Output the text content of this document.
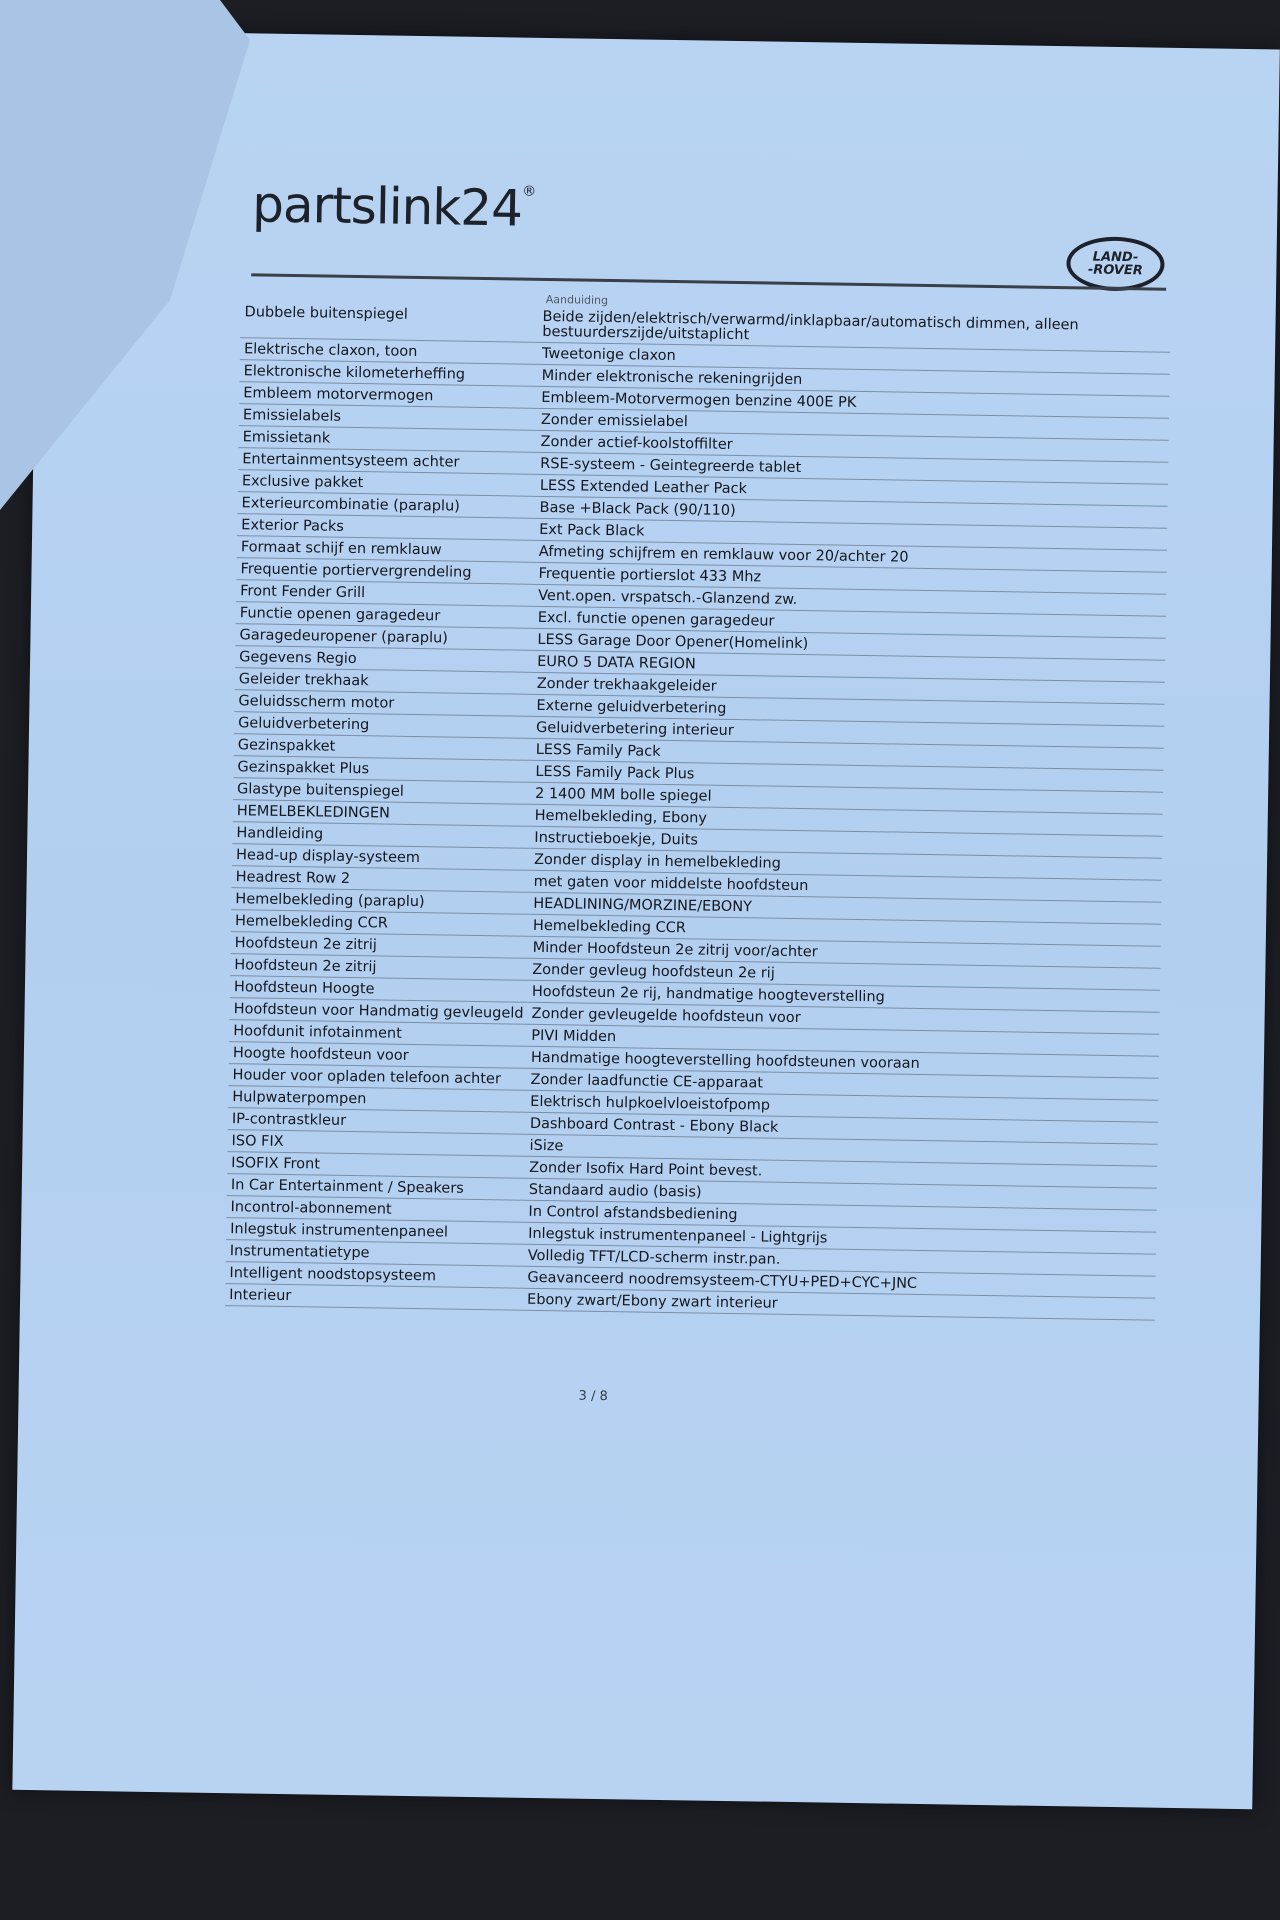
partslink24®
LAND-
-ROVER
Aanduiding
Dubbele buitenspiegel	Beide zijden/elektrisch/verwarmd/inklapbaar/automatisch dimmen, alleen bestuurderszijde/uitstaplicht
Elektrische claxon, toon	Tweetonige claxon
Elektronische kilometerheffing	Minder elektronische rekeningrijden
Embleem motorvermogen	Embleem-Motorvermogen benzine 400E PK
Emissielabels	Zonder emissielabel
Emissietank	Zonder actief-koolstoffilter
Entertainmentsysteem achter	RSE-systeem - Geintegreerde tablet
Exclusive pakket	LESS Extended Leather Pack
Exterieurcombinatie (paraplu)	Base +Black Pack (90/110)
Exterior Packs	Ext Pack Black
Formaat schijf en remklauw	Afmeting schijfrem en remklauw voor 20/achter 20
Frequentie portiervergrendeling	Frequentie portierslot 433 Mhz
Front Fender Grill	Vent.open. vrspatsch.-Glanzend zw.
Functie openen garagedeur	Excl. functie openen garagedeur
Garagedeuropener (paraplu)	LESS Garage Door Opener(Homelink)
Gegevens Regio	EURO 5 DATA REGION
Geleider trekhaak	Zonder trekhaakgeleider
Geluidsscherm motor	Externe geluidverbetering
Geluidverbetering	Geluidverbetering interieur
Gezinspakket	LESS Family Pack
Gezinspakket Plus	LESS Family Pack Plus
Glastype buitenspiegel	2 1400 MM bolle spiegel
HEMELBEKLEDINGEN	Hemelbekleding, Ebony
Handleiding	Instructieboekje, Duits
Head-up display-systeem	Zonder display in hemelbekleding
Headrest Row 2	met gaten voor middelste hoofdsteun
Hemelbekleding (paraplu)	HEADLINING/MORZINE/EBONY
Hemelbekleding CCR	Hemelbekleding CCR
Hoofdsteun 2e zitrij	Minder Hoofdsteun 2e zitrij voor/achter
Hoofdsteun 2e zitrij	Zonder gevleug hoofdsteun 2e rij
Hoofdsteun Hoogte	Hoofdsteun 2e rij, handmatige hoogteverstelling
Hoofdsteun voor Handmatig gevleugeld	Zonder gevleugelde hoofdsteun voor
Hoofdunit infotainment	PIVI Midden
Hoogte hoofdsteun voor	Handmatige hoogteverstelling hoofdsteunen vooraan
Houder voor opladen telefoon achter	Zonder laadfunctie CE-apparaat
Hulpwaterpompen	Elektrisch hulpkoelvloeistofpomp
IP-contrastkleur	Dashboard Contrast - Ebony Black
ISO FIX	iSize
ISOFIX Front	Zonder Isofix Hard Point bevest.
In Car Entertainment / Speakers	Standaard audio (basis)
Incontrol-abonnement	In Control afstandsbediening
Inlegstuk instrumentenpaneel	Inlegstuk instrumentenpaneel - Lightgrijs
Instrumentatietype	Volledig TFT/LCD-scherm instr.pan.
Intelligent noodstopsysteem	Geavanceerd noodremsysteem-CTYU+PED+CYC+JNC
Interieur	Ebony zwart/Ebony zwart interieur
3 / 8
